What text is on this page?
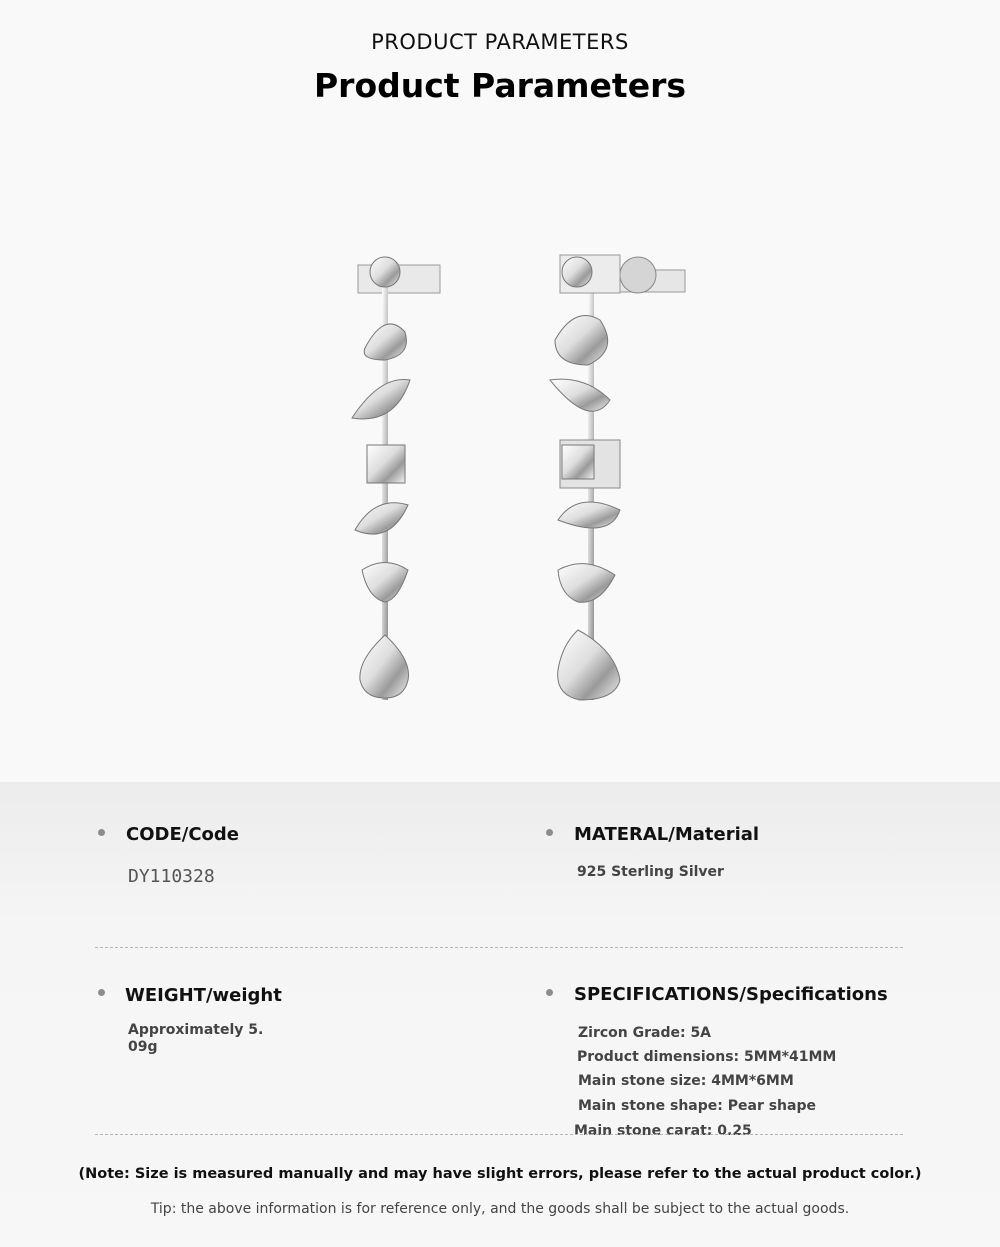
PRODUCT PARAMETERS
Product Parameters
CODE/Code
DY110328
MATERAL/Material
925 Sterling Silver
WEIGHT/weight
Approximately 5.
09g
SPECIFICATIONS/Specifications
Zircon Grade: 5A
Product dimensions: 5MM*41MM
Main stone size: 4MM*6MM
Main stone shape: Pear shape
Main stone carat: 0.25
(Note: Size is measured manually and may have slight errors, please refer to the actual product color.)
Tip: the above information is for reference only, and the goods shall be subject to the actual goods.
